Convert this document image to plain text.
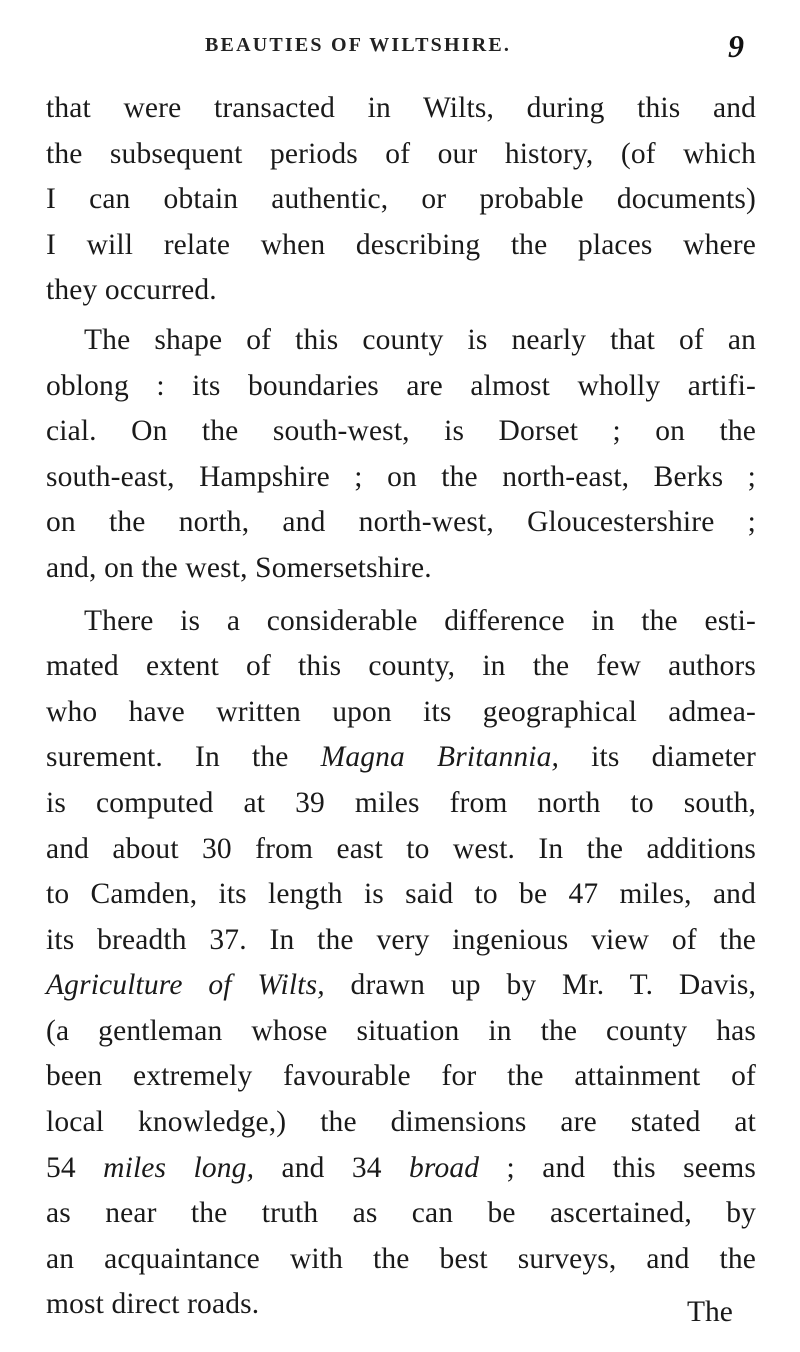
BEAUTIES OF WILTSHIRE.	9
that were transacted in Wilts, during this and
the subsequent periods of our history, (of which
I can obtain authentic, or probable documents)
I will relate when describing the places where
they occurred.
The shape of this county is nearly that of an
oblong : its boundaries are almost wholly artifi-
cial. On the south-west, is Dorset ; on the
south-east, Hampshire ; on the north-east, Berks ;
on the north, and north-west, Gloucestershire ;
and, on the west, Somersetshire.
There is a considerable difference in the esti-
mated extent of this county, in the few authors
who have written upon its geographical admea-
surement. In the Magna Britannia, its diameter
is computed at 39 miles from north to south,
and about 30 from east to west. In the additions
to Camden, its length is said to be 47 miles, and
its breadth 37. In the very ingenious view of the
Agriculture of Wilts, drawn up by Mr. T. Davis,
(a gentleman whose situation in the county has
been extremely favourable for the attainment of
local knowledge,) the dimensions are stated at
54 miles long, and 34 broad ; and this seems
as near the truth as can be ascertained, by
an acquaintance with the best surveys, and the
most direct roads.	The
